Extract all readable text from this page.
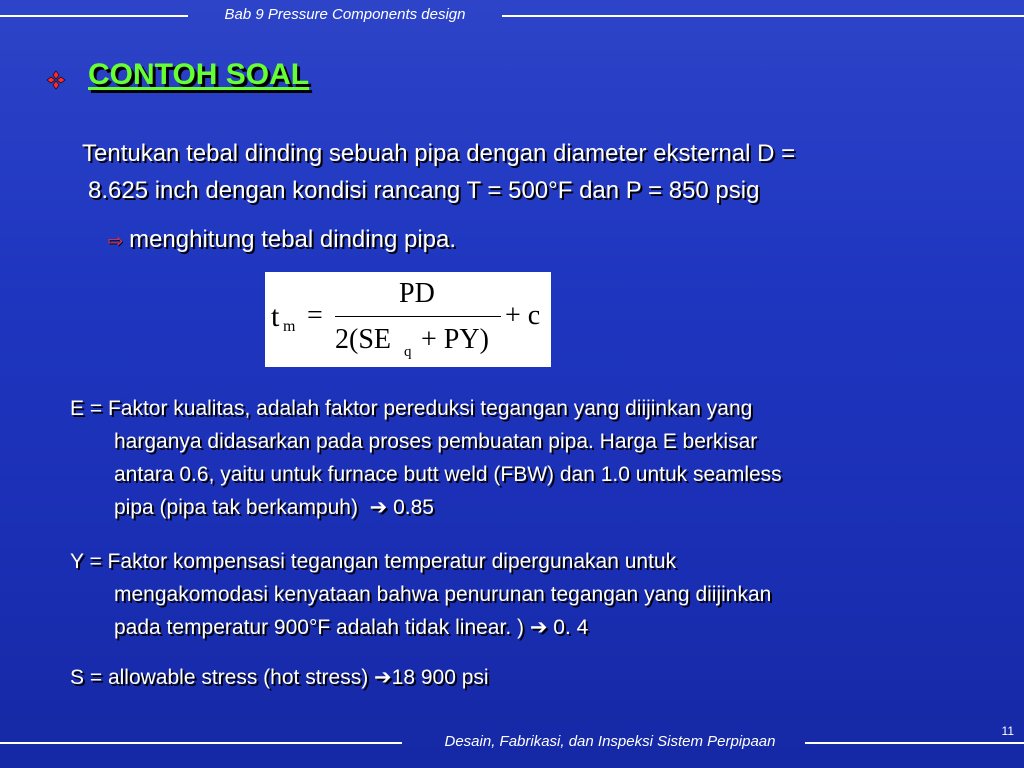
Bab 9 Pressure Components design
CONTOH SOAL
Tentukan tebal dinding sebuah pipa dengan diameter eksternal D =
8.625 inch dengan kondisi rancang T = 500°F dan P = 850 psig
⇨ menghitung tebal dinding pipa.
t m =
PD
2(SE q + PY)
+ c
E = Faktor kualitas, adalah faktor pereduksi tegangan yang diijinkan yang
harganya didasarkan pada proses pembuatan pipa. Harga E berkisar
antara 0.6, yaitu untuk furnace butt weld (FBW) dan 1.0 untuk seamless
pipa (pipa tak berkampuh) ➔ 0.85
Y = Faktor kompensasi tegangan temperatur dipergunakan untuk
mengakomodasi kenyataan bahwa penurunan tegangan yang diijinkan
pada temperatur 900°F adalah tidak linear. ) ➔ 0. 4
S = allowable stress (hot stress) ➔18 900 psi
11
Desain, Fabrikasi, dan Inspeksi Sistem Perpipaan
